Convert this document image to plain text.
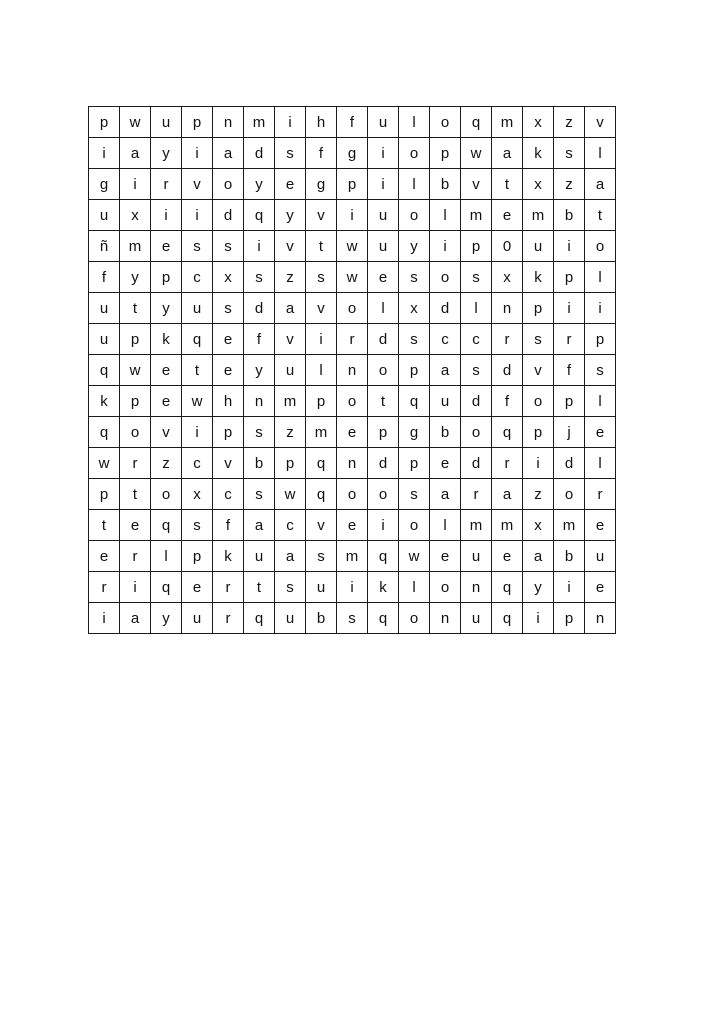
p	w	u	p	n	m	i	h	f	u	l	o	q	m	x	z	v
i	a	y	i	a	d	s	f	g	i	o	p	w	a	k	s	l
g	i	r	v	o	y	e	g	p	i	l	b	v	t	x	z	a
u	x	i	i	d	q	y	v	i	u	o	l	m	e	m	b	t
ñ	m	e	s	s	i	v	t	w	u	y	i	p	0	u	i	o
f	y	p	c	x	s	z	s	w	e	s	o	s	x	k	p	l
u	t	y	u	s	d	a	v	o	l	x	d	l	n	p	i	i
u	p	k	q	e	f	v	i	r	d	s	c	c	r	s	r	p
q	w	e	t	e	y	u	l	n	o	p	a	s	d	v	f	s
k	p	e	w	h	n	m	p	o	t	q	u	d	f	o	p	l
q	o	v	i	p	s	z	m	e	p	g	b	o	q	p	j	e
w	r	z	c	v	b	p	q	n	d	p	e	d	r	i	d	l
p	t	o	x	c	s	w	q	o	o	s	a	r	a	z	o	r
t	e	q	s	f	a	c	v	e	i	o	l	m	m	x	m	e
e	r	l	p	k	u	a	s	m	q	w	e	u	e	a	b	u
r	i	q	e	r	t	s	u	i	k	l	o	n	q	y	i	e
i	a	y	u	r	q	u	b	s	q	o	n	u	q	i	p	n
